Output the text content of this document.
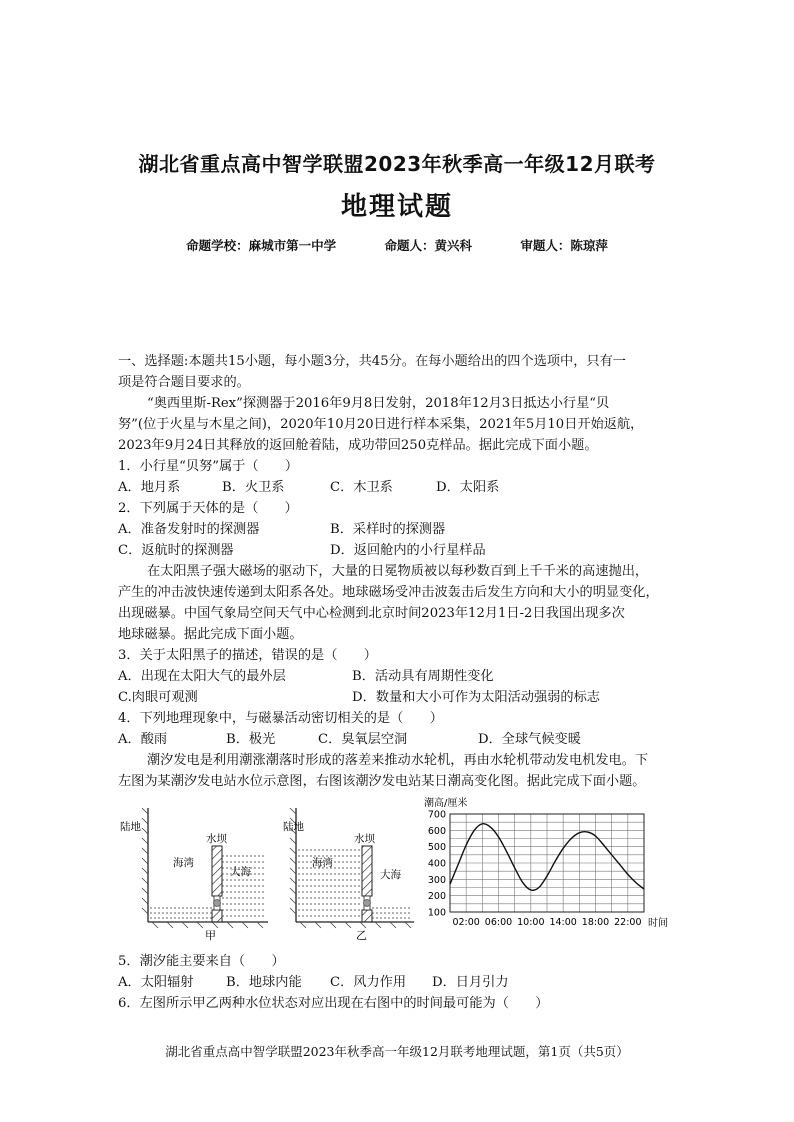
湖北省重点高中智学联盟2023年秋季高一年级12月联考
地理试题
命题学校：麻城市第一中学	命题人：黄兴科	审题人：陈琼萍
一、选择题:本题共15小题，每小题3分，共45分。在每小题给出的四个选项中，只有一
项是符合题目要求的。
“奥西里斯-Rex”探测器于2016年9月8日发射，2018年12月3日抵达小行星“贝
努”(位于火星与木星之间)，2020年10月20日进行样本采集，2021年5月10日开始返航，
2023年9月24日其释放的返回舱着陆，成功带回250克样品。据此完成下面小题。
1．小行星“贝努”属于（　　）
A．地月系	B．火卫系	C．木卫系	D．太阳系
2．下列属于天体的是（　　）
A．准备发射时的探测器	B．采样时的探测器
C．返航时的探测器	D．返回舱内的小行星样品
在太阳黑子强大磁场的驱动下，大量的日冕物质被以每秒数百到上千千米的高速抛出，
产生的冲击波快速传递到太阳系各处。地球磁场受冲击波轰击后发生方向和大小的明显变化，
出现磁暴。中国气象局空间天气中心检测到北京时间2023年12月1日-2日我国出现多次
地球磁暴。据此完成下面小题。
3．关于太阳黑子的描述，错误的是（　　）
A．出现在太阳大气的最外层	B．活动具有周期性变化
C.肉眼可观测	D．数量和大小可作为太阳活动强弱的标志
4．下列地理现象中，与磁暴活动密切相关的是（　　）
A．酸雨	B．极光	C．臭氧层空洞	D．全球气候变暖
潮汐发电是利用潮涨潮落时形成的落差来推动水轮机，再由水轮机带动发电机发电。下
左图为某潮汐发电站水位示意图，右图该潮汐发电站某日潮高变化图。据此完成下面小题。
陆地
水坝
海湾
大海
甲
陆地
水坝
海湾
大海
乙
潮高/厘米
时间
700
600
500
400
300
200
100
02:00 06:00 10:00 14:00 18:00 22:00
5．潮汐能主要来自（　　）
A．太阳辐射 B．地球内能 C．风力作用 D．日月引力
6．左图所示甲乙两种水位状态对应出现在右图中的时间最可能为（　　）
湖北省重点高中智学联盟2023年秋季高一年级12月联考地理试题，第1页（共5页）
